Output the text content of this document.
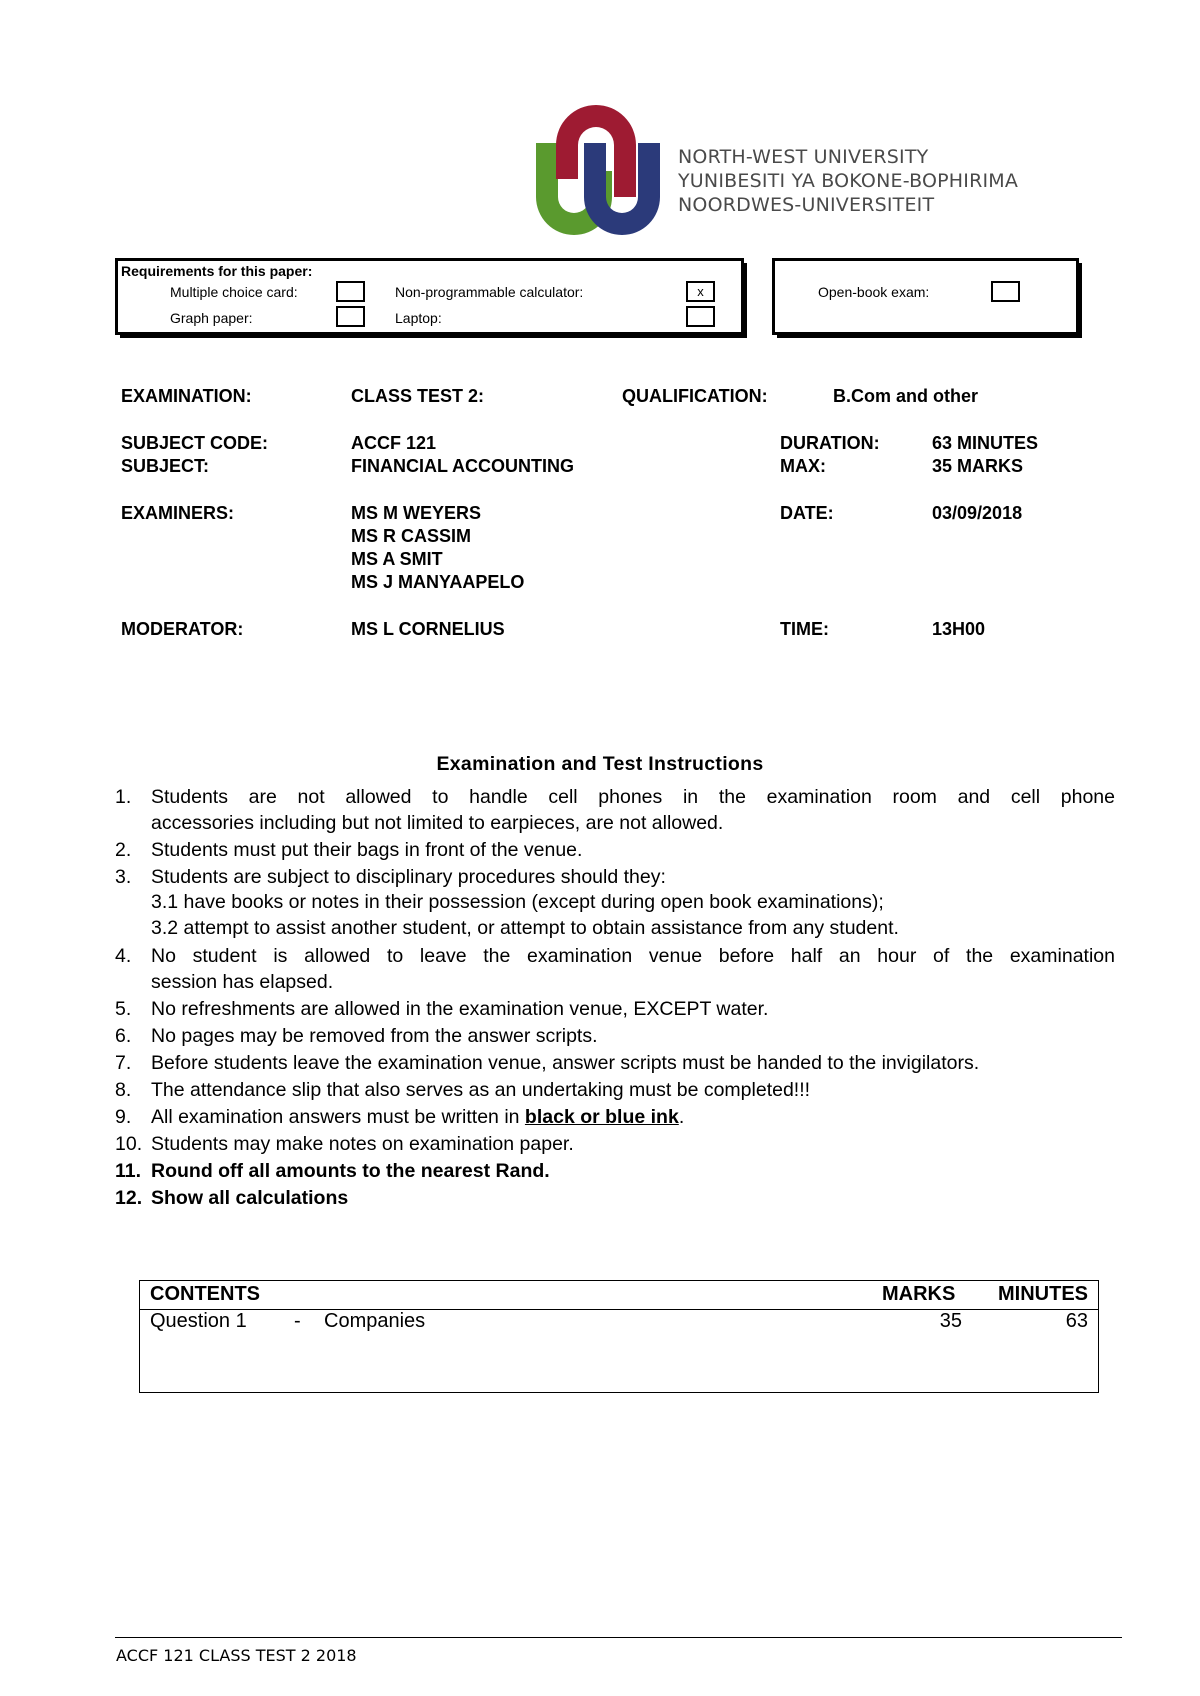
NORTH-WEST UNIVERSITY
YUNIBESITI YA BOKONE-BOPHIRIMA
NOORDWES-UNIVERSITEIT
Requirements for this paper:
Multiple choice card:
Graph paper:
Non-programmable calculator:	x
Laptop:
Open-book exam:
EXAMINATION:	CLASS TEST 2:	QUALIFICATION:	B.Com and other
SUBJECT CODE:	ACCF 121	DURATION:	63 MINUTES
SUBJECT:	FINANCIAL ACCOUNTING	MAX:	35 MARKS
EXAMINERS:	MS M WEYERS
MS R CASSIM
MS A SMIT
MS J MANYAAPELO
DATE:	03/09/2018
MODERATOR:	MS L CORNELIUS	TIME:	13H00
Examination and Test Instructions
1. Students are not allowed to handle cell phones in the examination room and cell phone
accessories including but not limited to earpieces, are not allowed.
2. Students must put their bags in front of the venue.
3. Students are subject to disciplinary procedures should they:
3.1 have books or notes in their possession (except during open book examinations);
3.2 attempt to assist another student, or attempt to obtain assistance from any student.
4. No student is allowed to leave the examination venue before half an hour of the examination
session has elapsed.
5. No refreshments are allowed in the examination venue, EXCEPT water.
6. No pages may be removed from the answer scripts.
7. Before students leave the examination venue, answer scripts must be handed to the invigilators.
8. The attendance slip that also serves as an undertaking must be completed!!!
9. All examination answers must be written in black or blue ink.
10. Students may make notes on examination paper.
11. Round off all amounts to the nearest Rand.
12. Show all calculations
CONTENTS	MARKS MINUTES
Question 1 - Companies	35	63
ACCF 121 CLASS TEST 2 2018
